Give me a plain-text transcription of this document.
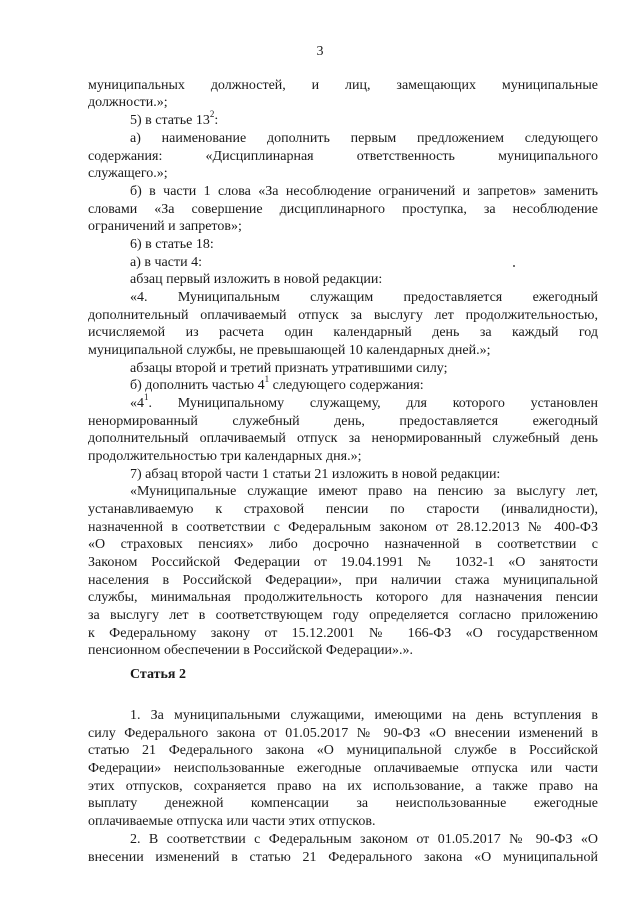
3
муниципальных должностей, и лиц, замещающих муниципальные
должности.»;
5) в статье $13^2$:
а) наименование дополнить первым предложением следующего
содержания: «Дисциплинарная ответственность муниципального
служащего.»;
б) в части 1 слова «За несоблюдение ограничений и запретов» заменить
словами «За совершение дисциплинарного проступка, за несоблюдение
ограничений и запретов»;
6) в статье 18:
а) в части 4:
абзац первый изложить в новой редакции:
«4. Муниципальным служащим предоставляется ежегодный
дополнительный оплачиваемый отпуск за выслугу лет продолжительностью,
исчисляемой из расчета один календарный день за каждый год
муниципальной службы, не превышающей 10 календарных дней.»;
абзацы второй и третий признать утратившими силу;
б) дополнить частью $4^1$ следующего содержания:
«$4^1$ . Муниципальному служащему, для которого установлен
ненормированный служебный день, предоставляется ежегодный
дополнительный оплачиваемый отпуск за ненормированный служебный день
продолжительностью три календарных дня.»;
7) абзац второй части 1 статьи 21 изложить в новой редакции:
«Муниципальные служащие имеют право на пенсию за выслугу лет,
устанавливаемую к страховой пенсии по старости (инвалидности),
назначенной в соответствии с Федеральным законом от 28.12.2013 № 400-ФЗ
«О страховых пенсиях» либо досрочно назначенной в соответствии с
Законом Российской Федерации от 19.04.1991 № 1032-1 «О занятости
населения в Российской Федерации», при наличии стажа муниципальной
службы, минимальная продолжительность которого для назначения пенсии
за выслугу лет в соответствующем году определяется согласно приложению
к Федеральному закону от 15.12.2001 № 166-ФЗ «О государственном
пенсионном обеспечении в Российской Федерации».».
Статья 2
1. За муниципальными служащими, имеющими на день вступления в
силу Федерального закона от 01.05.2017 № 90-ФЗ «О внесении изменений в
статью 21 Федерального закона «О муниципальной службе в Российской
Федерации» неиспользованные ежегодные оплачиваемые отпуска или части
этих отпусков, сохраняется право на их использование, а также право на
выплату денежной компенсации за неиспользованные ежегодные
оплачиваемые отпуска или части этих отпусков.
2. В соответствии с Федеральным законом от 01.05.2017 № 90-ФЗ «О
внесении изменений в статью 21 Федерального закона «О муниципальной
